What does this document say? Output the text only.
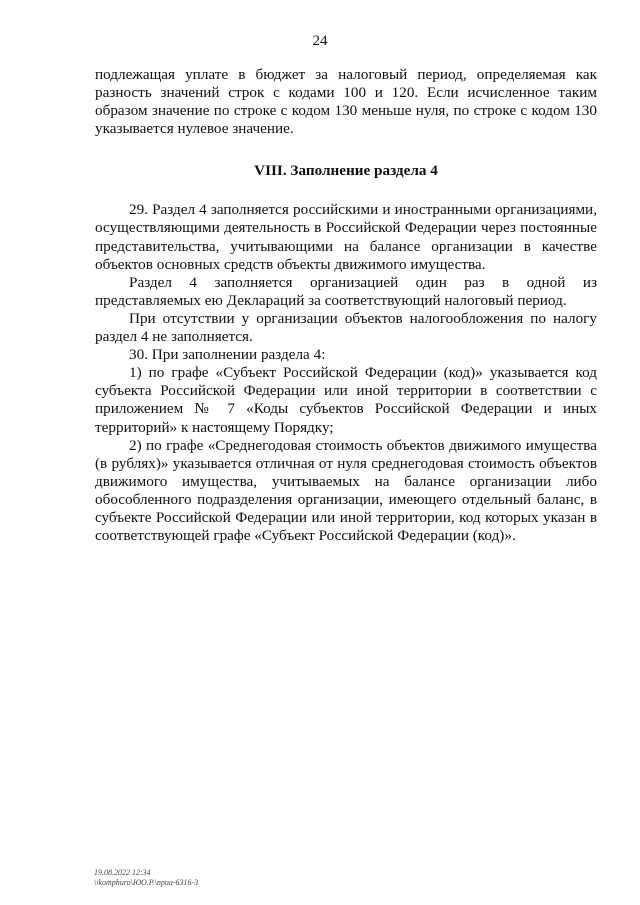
24

подлежащая уплате в бюджет за налоговый период, определяемая как разность значений строк с кодами 100 и 120. Если исчисленное таким образом значение по строке с кодом 130 меньше нуля, по строке с кодом 130 указывается нулевое значение.

VIII. Заполнение раздела 4

29. Раздел 4 заполняется российскими и иностранными организациями, осуществляющими деятельность в Российской Федерации через постоянные представительства, учитывающими на балансе организации в качестве объектов основных средств объекты движимого имущества.

Раздел 4 заполняется организацией один раз в одной из представляемых ею Деклараций за соответствующий налоговый период.

При отсутствии у организации объектов налогообложения по налогу раздел 4 не заполняется.

30. При заполнении раздела 4:

1) по графе «Субъект Российской Федерации (код)» указывается код субъекта Российской Федерации или иной территории в соответствии с приложением № 7 «Коды субъектов Российской Федерации и иных территорий» к настоящему Порядку;

2) по графе «Среднегодовая стоимость объектов движимого имущества (в рублях)» указывается отличная от нуля среднегодовая стоимость объектов движимого имущества, учитываемых на балансе организации либо обособленного подразделения организации, имеющего отдельный баланс, в субъекте Российской Федерации или иной территории, код которых указан в соответствующей графе «Субъект Российской Федерации (код)».

19.08.2022 12:34
\\komphuro\ЮО.P.\npua-6316-3
